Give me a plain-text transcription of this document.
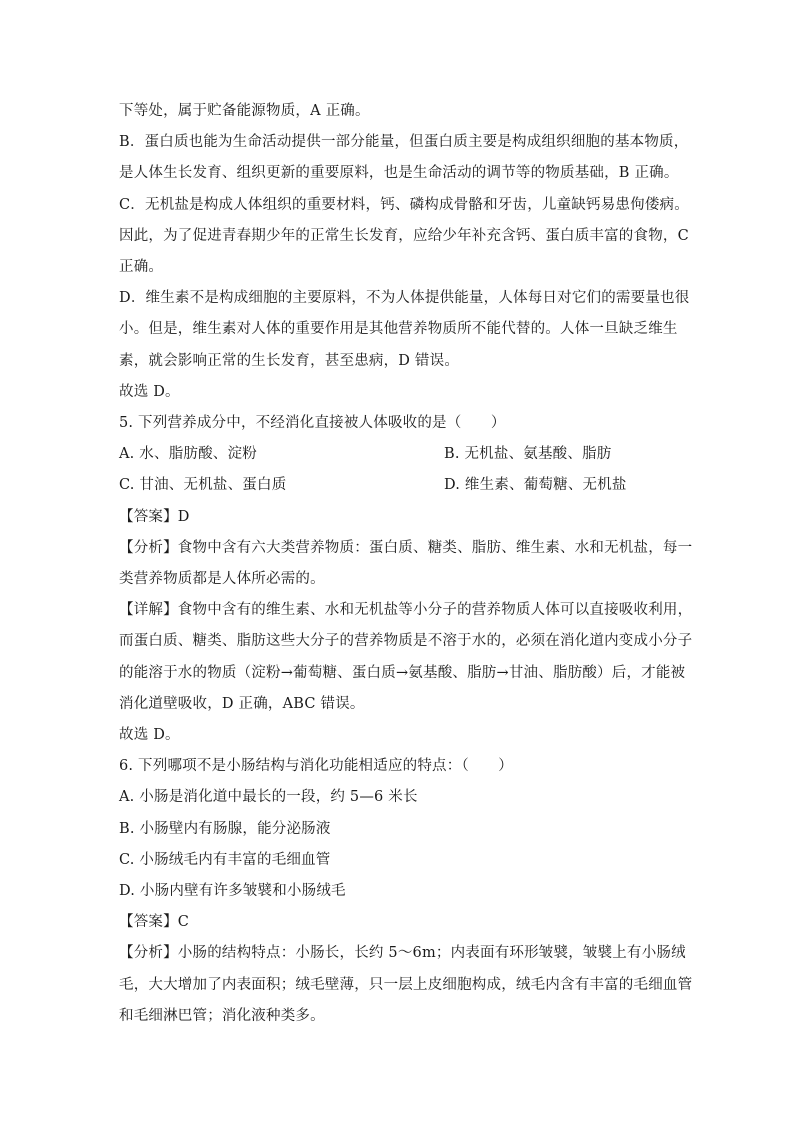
下等处，属于贮备能源物质，A 正确。

B．蛋白质也能为生命活动提供一部分能量，但蛋白质主要是构成组织细胞的基本物质，

是人体生长发育、组织更新的重要原料，也是生命活动的调节等的物质基础，B 正确。

C．无机盐是构成人体组织的重要材料，钙、磷构成骨骼和牙齿，儿童缺钙易患佝偻病。

因此，为了促进青春期少年的正常生长发育，应给少年补充含钙、蛋白质丰富的食物，C

正确。

D．维生素不是构成细胞的主要原料，不为人体提供能量，人体每日对它们的需要量也很

小。但是，维生素对人体的重要作用是其他营养物质所不能代替的。人体一旦缺乏维生

素，就会影响正常的生长发育，甚至患病，D 错误。

故选 D。

5. 下列营养成分中，不经消化直接被人体吸收的是（　　）

A. 水、脂肪酸、淀粉	B. 无机盐、氨基酸、脂肪
C. 甘油、无机盐、蛋白质	D. 维生素、葡萄糖、无机盐

【答案】D

【分析】食物中含有六大类营养物质：蛋白质、糖类、脂肪、维生素、水和无机盐，每一

类营养物质都是人体所必需的。

【详解】食物中含有的维生素、水和无机盐等小分子的营养物质人体可以直接吸收利用，

而蛋白质、糖类、脂肪这些大分子的营养物质是不溶于水的，必须在消化道内变成小分子

的能溶于水的物质（淀粉→葡萄糖、蛋白质→氨基酸、脂肪→甘油、脂肪酸）后，才能被

消化道壁吸收，D 正确，ABC 错误。

故选 D。

6. 下列哪项不是小肠结构与消化功能相适应的特点：（　　）

A. 小肠是消化道中最长的一段，约 5—6 米长

B. 小肠壁内有肠腺，能分泌肠液

C. 小肠绒毛内有丰富的毛细血管

D. 小肠内壁有许多皱襞和小肠绒毛

【答案】C

【分析】小肠的结构特点：小肠长，长约 5～6m；内表面有环形皱襞，皱襞上有小肠绒

毛，大大增加了内表面积；绒毛壁薄，只一层上皮细胞构成，绒毛内含有丰富的毛细血管

和毛细淋巴管；消化液种类多。
